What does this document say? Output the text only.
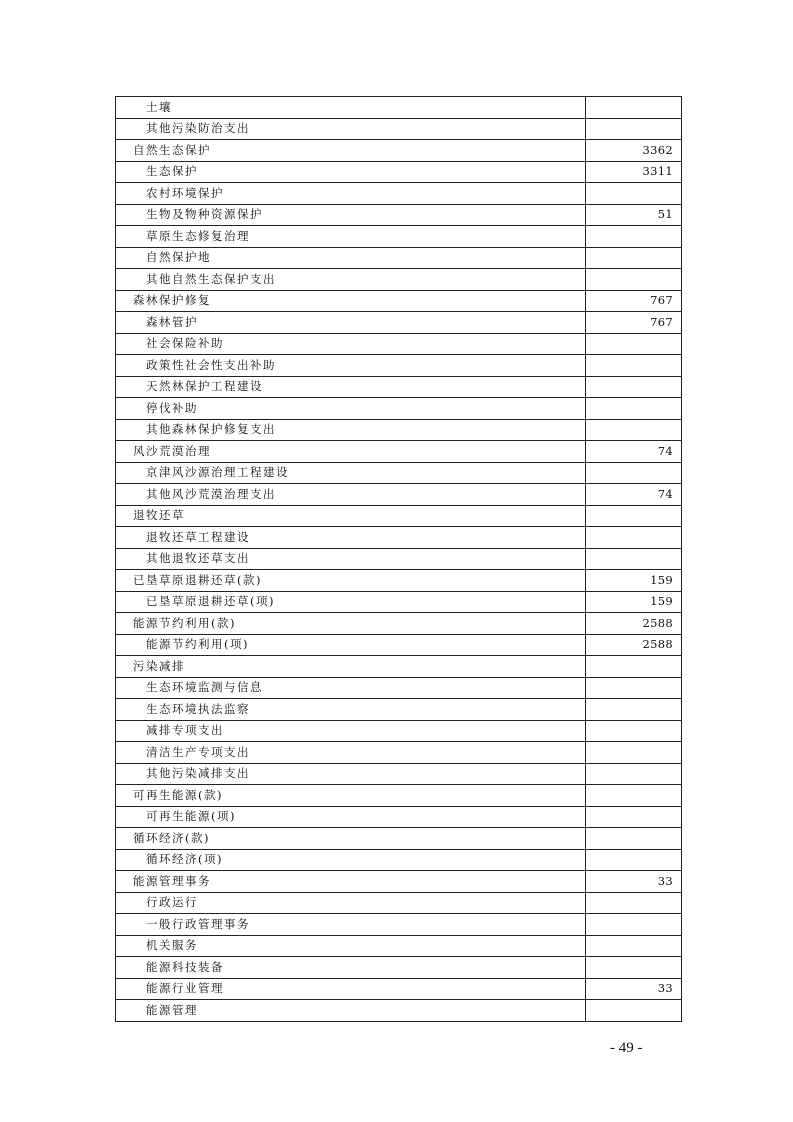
土壤	
其他污染防治支出	
自然生态保护	3362
生态保护	3311
农村环境保护	
生物及物种资源保护	51
草原生态修复治理	
自然保护地	
其他自然生态保护支出	
森林保护修复	767
森林管护	767
社会保险补助	
政策性社会性支出补助	
天然林保护工程建设	
停伐补助	
其他森林保护修复支出	
风沙荒漠治理	74
京津风沙源治理工程建设	
其他风沙荒漠治理支出	74
退牧还草	
退牧还草工程建设	
其他退牧还草支出	
已垦草原退耕还草(款)	159
已垦草原退耕还草(项)	159
能源节约利用(款)	2588
能源节约利用(项)	2588
污染减排	
生态环境监测与信息	
生态环境执法监察	
减排专项支出	
清洁生产专项支出	
其他污染减排支出	
可再生能源(款)	
可再生能源(项)	
循环经济(款)	
循环经济(项)	
能源管理事务	33
行政运行	
一般行政管理事务	
机关服务	
能源科技装备	
能源行业管理	33
能源管理	
- 49 -
